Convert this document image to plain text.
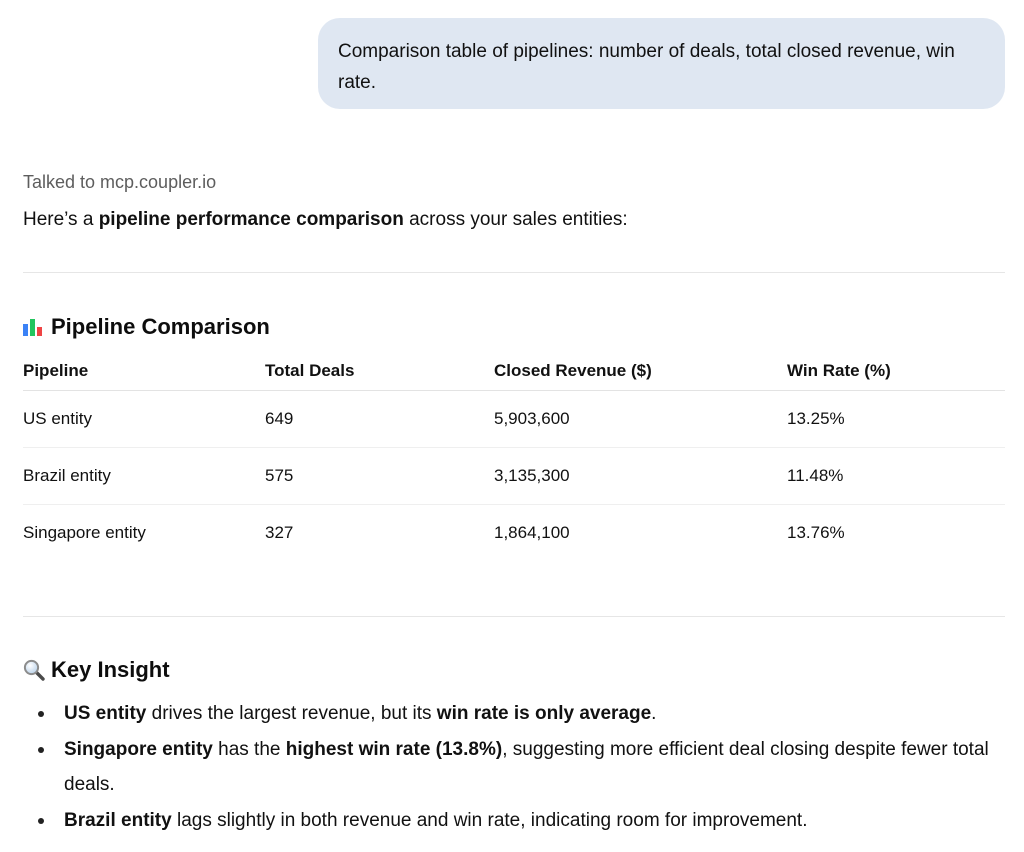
Comparison table of pipelines: number of deals, total closed revenue, win rate.
Talked to mcp.coupler.io
Here’s a pipeline performance comparison across your sales entities:
Pipeline Comparison
Pipeline	Total Deals	Closed Revenue ($)	Win Rate (%)
US entity	649	5,903,600	13.25%
Brazil entity	575	3,135,300	11.48%
Singapore entity	327	1,864,100	13.76%
Key Insight
US entity drives the largest revenue, but its win rate is only average.
Singapore entity has the highest win rate (13.8%), suggesting more efficient deal closing despite fewer total deals.
Brazil entity lags slightly in both revenue and win rate, indicating room for improvement.
